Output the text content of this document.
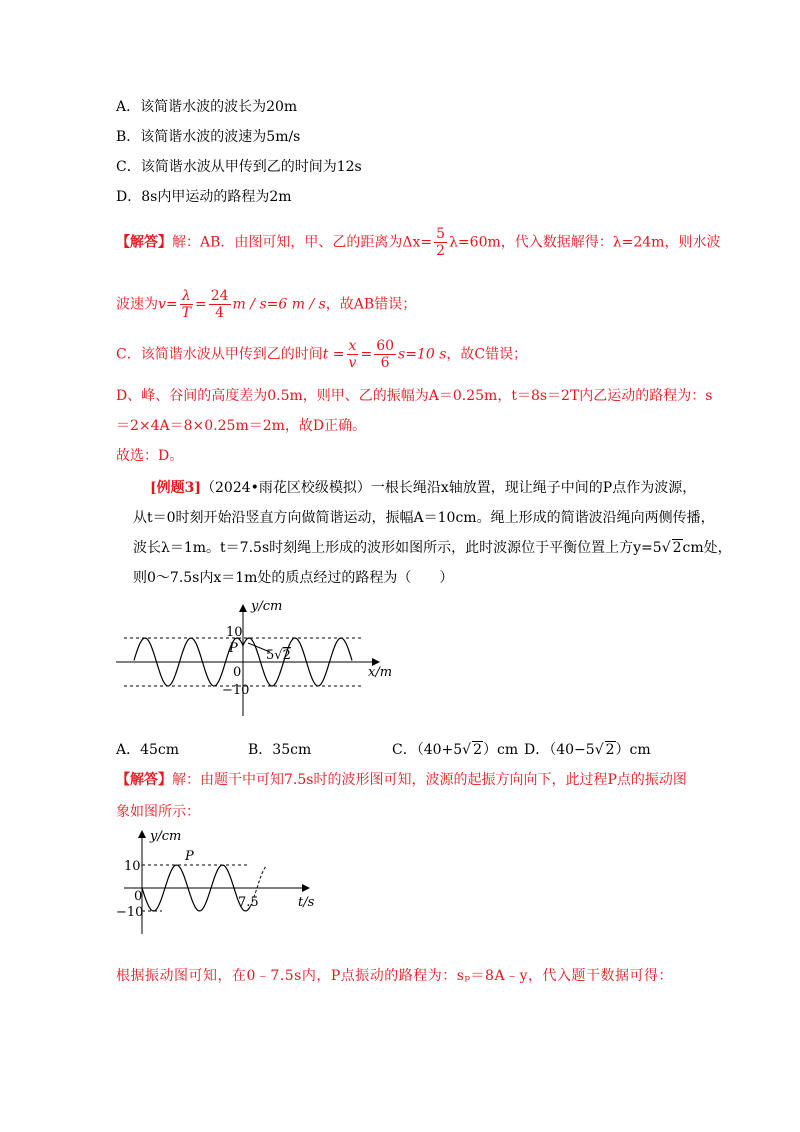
A．该简谐水波的波长为20m
B．该简谐水波的波速为5m/s
C．该简谐水波从甲传到乙的时间为12s
D．8s内甲运动的路程为2m
【解答】解：AB．由图可知，甲、乙的距离为$\Delta x= \frac{5}{2} \lambda=60m$，代入数据解得：λ=24m，则水波
波速为$v= \frac{\lambda}{T} = \frac{24}{4}$ m / s=6 m / s，故AB错误；
C．该简谐水波从甲传到乙的时间$t = \frac{x}{v} = \frac{60}{6} s=10$ s，故C错误；
D、峰、谷间的高度差为0.5m，则甲、乙的振幅为A＝0.25m，t＝8s＝2T内乙运动的路程为：s
＝2×4A＝8×0.25m＝2m，故D正确。
故选：D。
[例题3]（2024•雨花区校级模拟）一根长绳沿x轴放置，现让绳子中间的P点作为波源，
从t＝0时刻开始沿竖直方向做简谐运动，振幅A＝10cm。绳上形成的简谐波沿绳向两侧传播，
波长λ＝1m。t＝7.5s时刻绳上形成的波形如图所示，此时波源位于平衡位置上方y=5√ 2cm处，
则0～7.5s内x＝1m处的质点经过的路程为（　　）
y/cm
x/m
10
−10
0
P 5√2
A．45cm	B．35cm	C．（40+5√ 2）cm D．（40−5√ 2）cm
【解答】解：由题干中可知7.5s时的波形图可知，波源的起振方向向下，此过程P点的振动图
象如图所示：
y/cm
t/s
10
−10
0
P
7.5
根据振动图可知，在0﹣7.5s内，P点振动的路程为：sₚ＝8A﹣y，代入题干数据可得：
